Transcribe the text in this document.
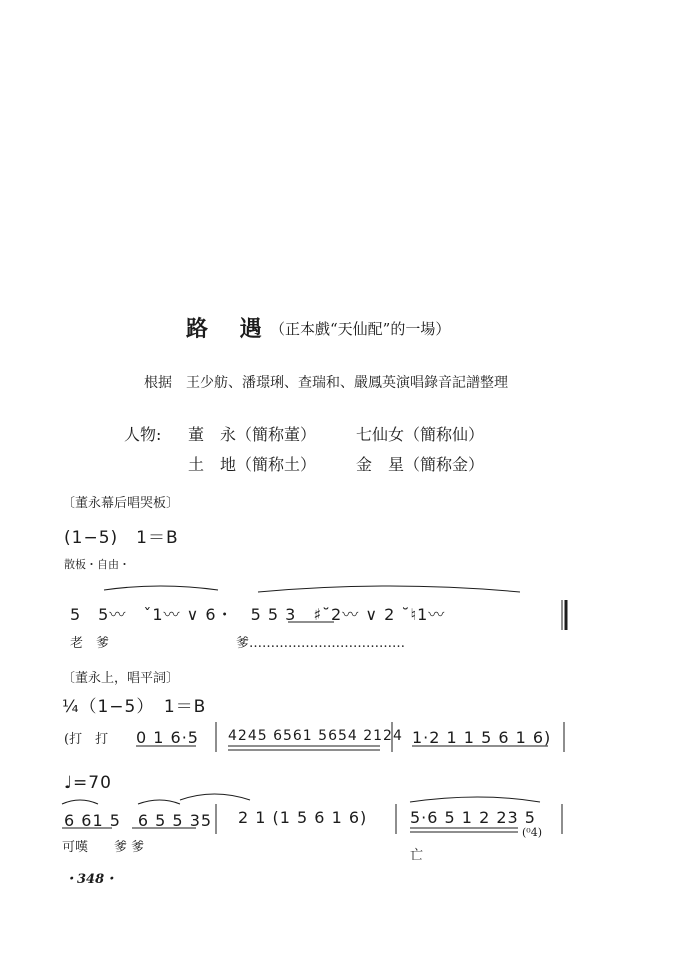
路 遇
（正本戲“天仙配”的一場）
根据　王少舫、潘璟琍、查瑞和、嚴鳳英演唱錄音記譜整理
人物: 董　永（簡称董） 七仙女（簡称仙）
土　地（簡称土） 金　星（簡称金）
〔董永幕后唱哭板〕
(1−5)　1＝B
散板・自由・
5　5〰　ˇ1〰 ∨ 6・　5 5 3　♯˘2〰 ∨ 2 ˘♮1〰
老　爹	爹………………………………
〔董永上，唱平詞〕
¼（1−5）　1＝B
(打　打 0 1 6·5 4245 6561 5654 2124 1·2 1 1 5 6 1 6)
♩=70
6 61 5　6 5 5 35 2 1 (1 5 6 1 6)	5·6 5 1 2 23 5
(⁰4)
可嘆　　爹 爹
亡
・348・
